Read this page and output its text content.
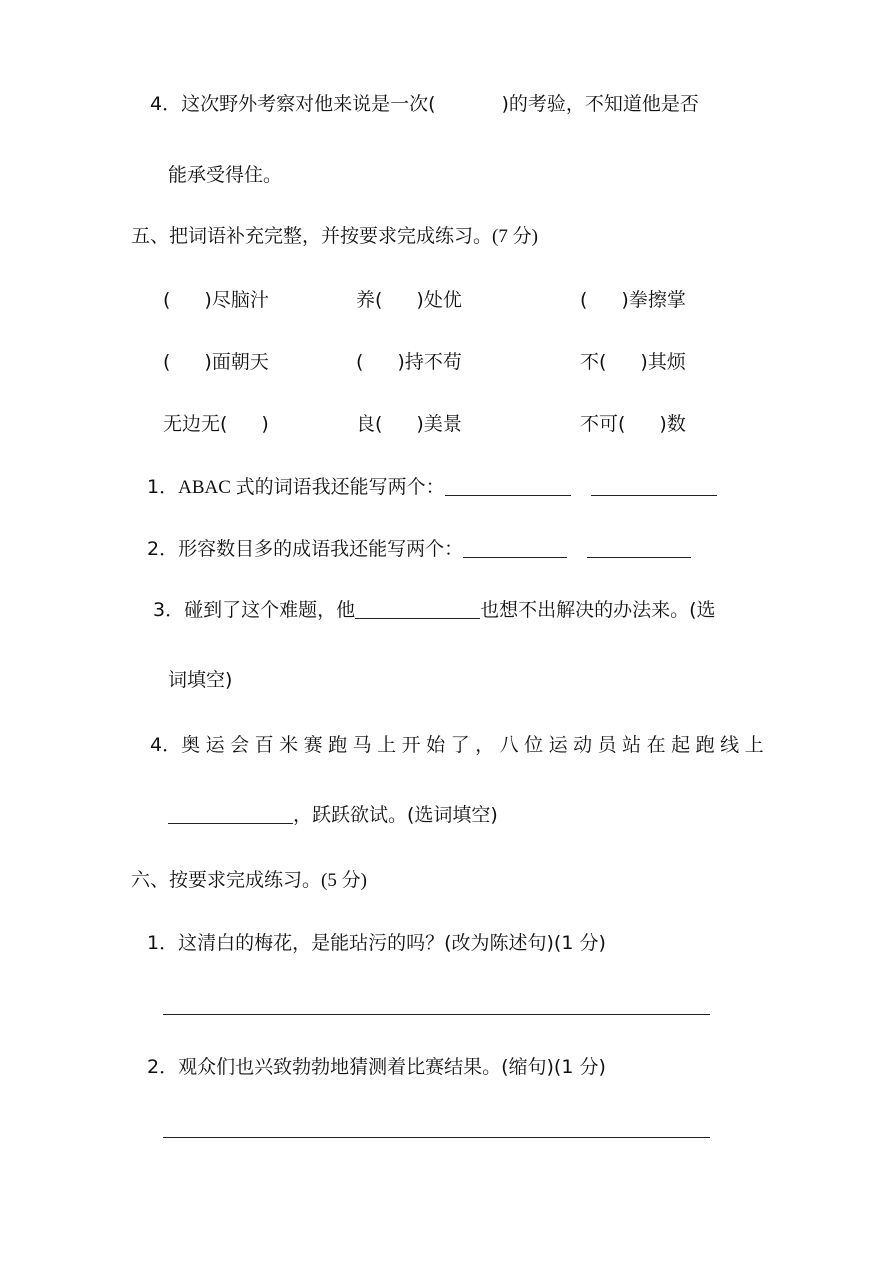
4．这次野外考察对他来说是一次(	)的考验，不知道他是否
能承受得住。
五、把词语补充完整，并按要求完成练习。(7 分)
( )尽脑汁	养( )处优	( )拳擦掌
( )面朝天	( )持不苟	不( )其烦
无边无( )	良( )美景	不可( )数
1．ABAC 式的词语我还能写两个：
2．形容数目多的成语我还能写两个：
3．碰到了这个难题，他	也想不出解决的办法来。(选
词填空)
4．奥运会百米赛跑马上开始了，八位运动员站在起跑线上
，跃跃欲试。(选词填空)
六、按要求完成练习。(5 分)
1．这清白的梅花，是能玷污的吗？(改为陈述句)(1 分)
2．观众们也兴致勃勃地猜测着比赛结果。(缩句)(1 分)
